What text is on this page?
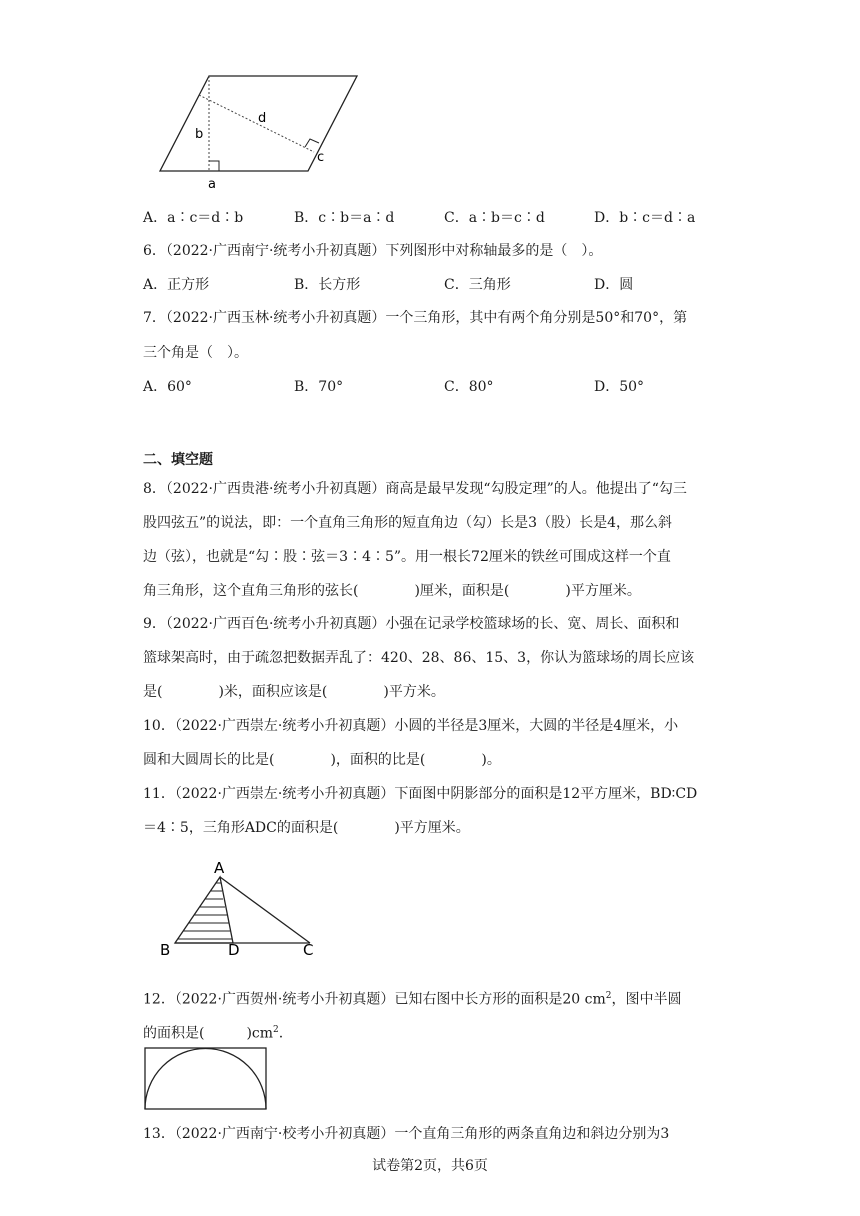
b
d
c
a
A．a∶c＝d∶b	B．c∶b＝a∶d	C．a∶b＝c∶d	D．b∶c＝d∶a
6．（2022·广西南宁·统考小升初真题）下列图形中对称轴最多的是（　）。
A．正方形	B．长方形	C．三角形	D．圆
7．（2022·广西玉林·统考小升初真题）一个三角形，其中有两个角分别是50°和70°，第
三个角是（　）。
A．60°	B．70°	C．80°	D．50°
二、填空题
8．（2022·广西贵港·统考小升初真题）商高是最早发现“勾股定理”的人。他提出了“勾三
股四弦五”的说法，即：一个直角三角形的短直角边（勾）长是3（股）长是4，那么斜
边（弦），也就是“勾∶股∶弦＝3∶4∶5”。用一根长72厘米的铁丝可围成这样一个直
角三角形，这个直角三角形的弦长(　　　　)厘米，面积是(　　　　)平方厘米。
9．（2022·广西百色·统考小升初真题）小强在记录学校篮球场的长、宽、周长、面积和
篮球架高时，由于疏忽把数据弄乱了：420、28、86、15、3，你认为篮球场的周长应该
是(　　　　)米，面积应该是(　　　　)平方米。
10．（2022·广西崇左·统考小升初真题）小圆的半径是3厘米，大圆的半径是4厘米，小
圆和大圆周长的比是(　　　　)，面积的比是(　　　　)。
11．（2022·广西崇左·统考小升初真题）下面图中阴影部分的面积是12平方厘米，BD∶CD
＝4∶5，三角形ADC的面积是(　　　　)平方厘米。
A
B	D	C
12．（2022·广西贺州·统考小升初真题）已知右图中长方形的面积是20 $cm^2$，图中半圆
的面积是(　　　)$cm^2$.
13．（2022·广西南宁·校考小升初真题）一个直角三角形的两条直角边和斜边分别为3
试卷第2页，共6页
